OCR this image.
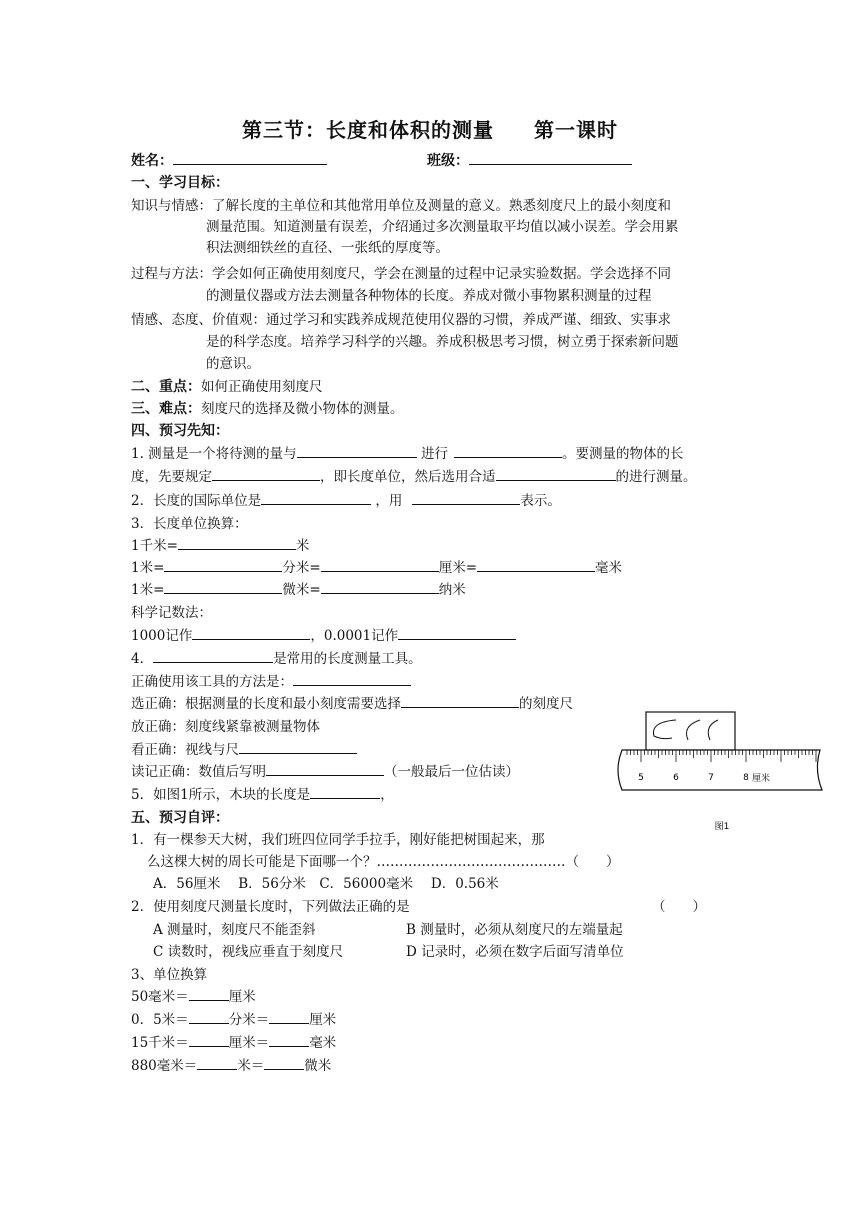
第三节：长度和体积的测量 第一课时
姓名：	班级：
一、学习目标：
知识与情感：了解长度的主单位和其他常用单位及测量的意义。熟悉刻度尺上的最小刻度和
测量范围。知道测量有误差，介绍通过多次测量取平均值以减小误差。学会用累
积法测细铁丝的直径、一张纸的厚度等。
过程与方法：学会如何正确使用刻度尺，学会在测量的过程中记录实验数据。学会选择不同
的测量仪器或方法去测量各种物体的长度。养成对微小事物累积测量的过程
情感、态度、价值观：通过学习和实践养成规范使用仪器的习惯，养成严谨、细致、实事求
是的科学态度。培养学习科学的兴趣。养成积极思考习惯，树立勇于探索新问题
的意识。
二、重点：如何正确使用刻度尺
三、难点：刻度尺的选择及微小物体的测量。
四、预习先知：
1. 测量是一个将待测的量与	进行	。要测量的物体的长
度，先要规定	，即长度单位，然后选用合适	的进行测量。
2．长度的国际单位是	，用	表示。
3．长度单位换算：
1千米=	米
1米=	分米=	厘米=	毫米
1米=	微米=	纳米
科学记数法：
1000记作	，0.0001记作
4．	是常用的长度测量工具。
正确使用该工具的方法是：
选正确：根据测量的长度和最小刻度需要选择	的刻度尺
放正确：刻度线紧靠被测量物体
看正确：视线与尺
读记正确：数值后写明	（一般最后一位估读）
5．如图1所示，木块的长度是	，
5	6	7	8 厘米
图1
五、预习自评：
1．有一棵参天大树，我们班四位同学手拉手，刚好能把树围起来，那
么这棵大树的周长可能是下面哪一个？……………………………………（　　）
A．56厘米　 B．56分米　C．56000毫米　 D．0.56米
2．使用刻度尺测量长度时，下列做法正确的是	（　　）
A 测量时，刻度尺不能歪斜	B 测量时，必须从刻度尺的左端量起
C 读数时，视线应垂直于刻度尺	D 记录时，必须在数字后面写清单位
3、单位换算
50毫米＝	厘米
0．5米＝	分米＝	厘米
15千米＝	厘米＝	毫米
880毫米＝	米＝	微米
